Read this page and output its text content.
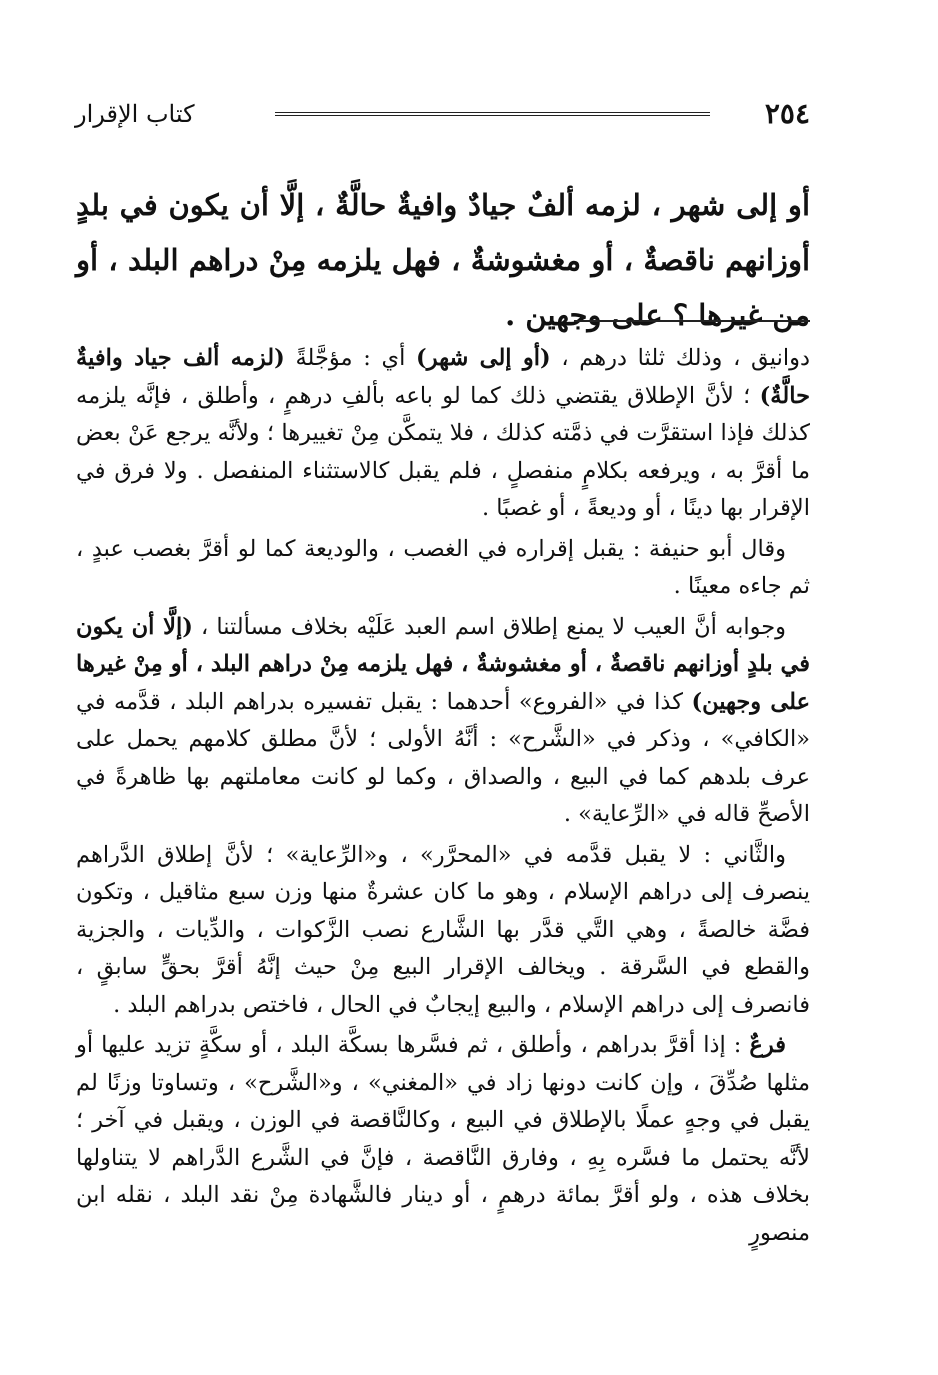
٢٥٤
كتاب الإقرار
أو إلى شهر ، لزمه ألفٌ جيادٌ وافيةٌ حالَّةٌ ، إلَّا أن يكون في بلدٍ أوزانهم ناقصةٌ ، أو مغشوشةٌ ، فهل يلزمه مِنْ دراهم البلد ، أو من غيرها ؟ على وجهين .

دوانيق ، وذلك ثلثا درهم ، (أو إلى شهر) أي : مؤجَّلةً (لزمه ألف جياد وافيةٌ حالَّةٌ) ؛ لأنَّ الإطلاق يقتضي ذلك كما لو باعه بألفِ درهمٍ ، وأطلق ، فإنَّه يلزمه كذلك فإذا استقرَّت في ذمَّته كذلك ، فلا يتمكَّن مِنْ تغييرها ؛ ولأنَّه يرجع عَنْ بعض ما أقرَّ به ، ويرفعه بكلامٍ منفصلٍ ، فلم يقبل كالاستثناء المنفصل . ولا فرق في الإقرار بها دينًا ، أو وديعةً ، أو غصبًا .

وقال أبو حنيفة : يقبل إقراره في الغصب ، والوديعة كما لو أقرَّ بغصب عبدٍ ، ثم جاءه معينًا .

وجوابه أنَّ العيب لا يمنع إطلاق اسم العبد عَلَيْه بخلاف مسألتنا ، (إلَّا أن يكون في بلدٍ أوزانهم ناقصةٌ ، أو مغشوشةٌ ، فهل يلزمه مِنْ دراهم البلد ، أو مِنْ غيرها على وجهين) كذا في «الفروع» أحدهما : يقبل تفسيره بدراهم البلد ، قدَّمه في «الكافي» ، وذكر في «الشَّرح» : أنَّهُ الأولى ؛ لأنَّ مطلق كلامهم يحمل على عرف بلدهم كما في البيع ، والصداق ، وكما لو كانت معاملتهم بها ظاهرةً في الأصحِّ قاله في «الرِّعاية» .

والثَّاني : لا يقبل قدَّمه في «المحرَّر» ، و«الرِّعاية» ؛ لأنَّ إطلاق الدَّراهم ينصرف إلى دراهم الإسلام ، وهو ما كان عشرةٌ منها وزن سبع مثاقيل ، وتكون فضَّة خالصةً ، وهي التَّي قدَّر بها الشَّارع نصب الزَّكوات ، والدِّيات ، والجزية والقطع في السَّرقة . ويخالف الإقرار البيع مِنْ حيث إنَّهُ أقرَّ بحقٍّ سابقٍ ، فانصرف إلى دراهم الإسلام ، والبيع إيجابٌ في الحال ، فاختص بدراهم البلد .

فرعٌ : إذا أقرَّ بدراهم ، وأطلق ، ثم فسَّرها بسكَّة البلد ، أو سكَّةٍ تزيد عليها أو مثلها صُدِّقَ ، وإن كانت دونها زاد في «المغني» ، و«الشَّرح» ، وتساوتا وزنًا لم يقبل في وجهٍ عملًا بالإطلاق في البيع ، وكالنَّاقصة في الوزن ، ويقبل في آخر ؛ لأنَّه يحتمل ما فسَّره بِهِ ، وفارق النَّاقصة ، فإنَّ في الشَّرع الدَّراهم لا يتناولها بخلاف هذه ، ولو أقرَّ بمائة درهمٍ ، أو دينار فالشَّهادة مِنْ نقد البلد ، نقله ابن منصورٍ
